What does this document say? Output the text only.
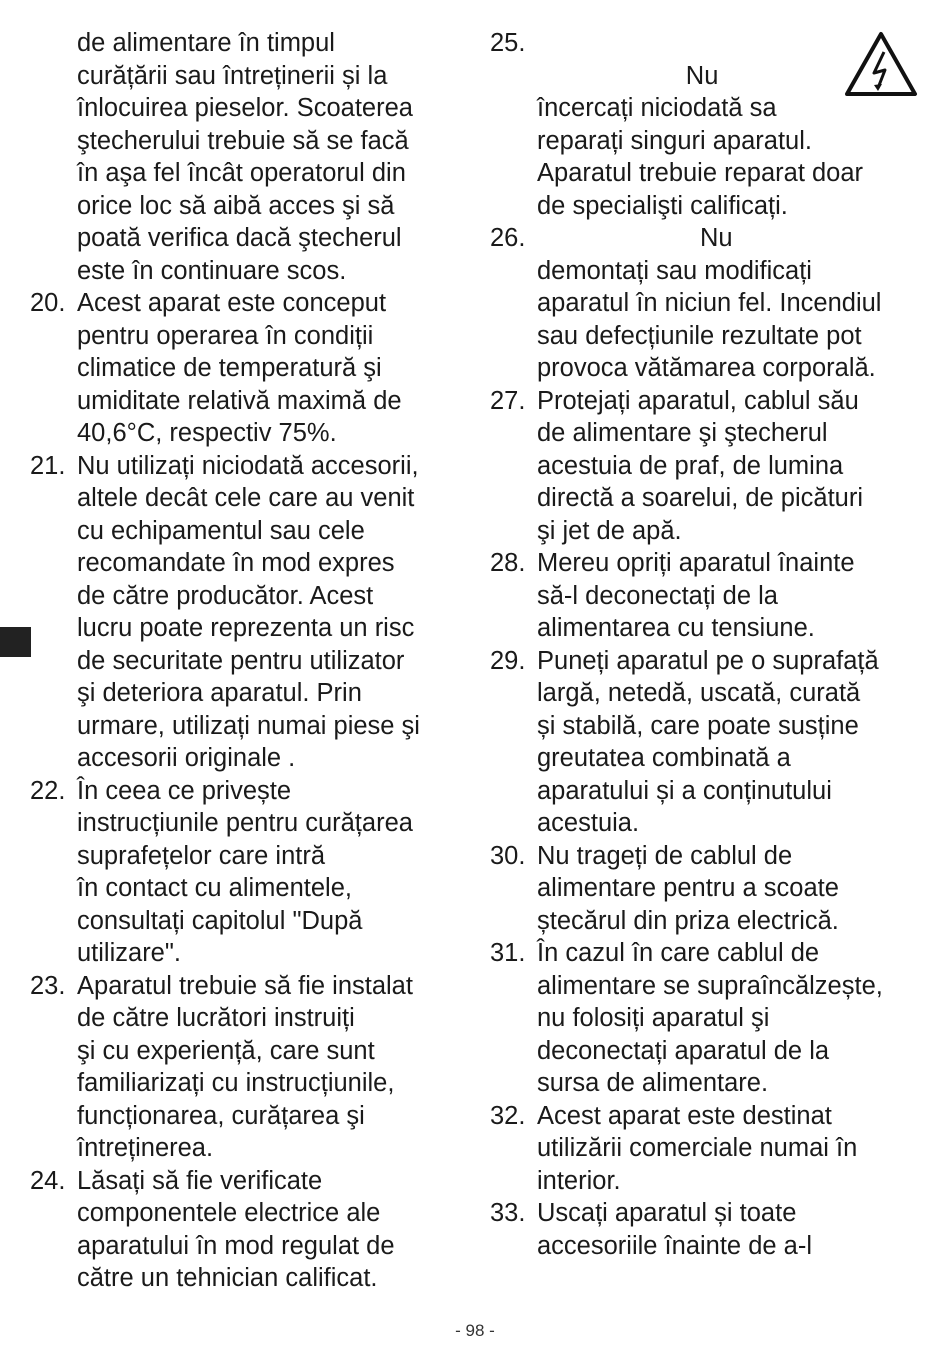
de alimentare în timpul
curățării sau întreținerii și la
înlocuirea pieselor. Scoaterea
ştecherului trebuie să se facă
în aşa fel încât operatorul din
orice loc să aibă acces şi să
poată verifica dacă ştecherul
este în continuare scos.
20. Acest aparat este conceput
pentru operarea în condiții
climatice de temperatură şi
umiditate relativă maximă de
40,6°C, respectiv 75%.
21. Nu utilizați niciodată accesorii,
altele decât cele care au venit
cu echipamentul sau cele
recomandate în mod expres
de către producător. Acest
lucru poate reprezenta un risc
de securitate pentru utilizator
şi deteriora aparatul. Prin
urmare, utilizați numai piese şi
accesorii originale .
22. În ceea ce privește
instrucțiunile pentru curățarea
suprafețelor care intră
în contact cu alimentele,
consultați capitolul "După
utilizare".
23. Aparatul trebuie să fie instalat
de către lucrători instruiți
şi cu experiență, care sunt
familiarizați cu instrucțiunile,
funcționarea, curățarea şi
întreținerea.
24. Lăsați să fie verificate
componentele electrice ale
aparatului în mod regulat de
către un tehnician calificat.
25.
Nu
încercați niciodată sa
reparați singuri aparatul.
Aparatul trebuie reparat doar
de specialişti calificați.
26. Nu
demontați sau modificați
aparatul în niciun fel. Incendiul
sau defecțiunile rezultate pot
provoca vătămarea corporală.
27. Protejați aparatul, cablul său
de alimentare şi ştecherul
acestuia de praf, de lumina
directă a soarelui, de picături
şi jet de apă.
28. Mereu opriți aparatul înainte
să-l deconectați de la
alimentarea cu tensiune.
29. Puneți aparatul pe o suprafață
largă, netedă, uscată, curată
și stabilă, care poate susține
greutatea combinată a
aparatului și a conținutului
acestuia.
30. Nu trageți de cablul de
alimentare pentru a scoate
ștecărul din priza electrică.
31. În cazul în care cablul de
alimentare se supraîncălzește,
nu folosiți aparatul şi
deconectați aparatul de la
sursa de alimentare.
32. Acest aparat este destinat
utilizării comerciale numai în
interior.
33. Uscați aparatul și toate
accesoriile înainte de a-l
- 98 -
